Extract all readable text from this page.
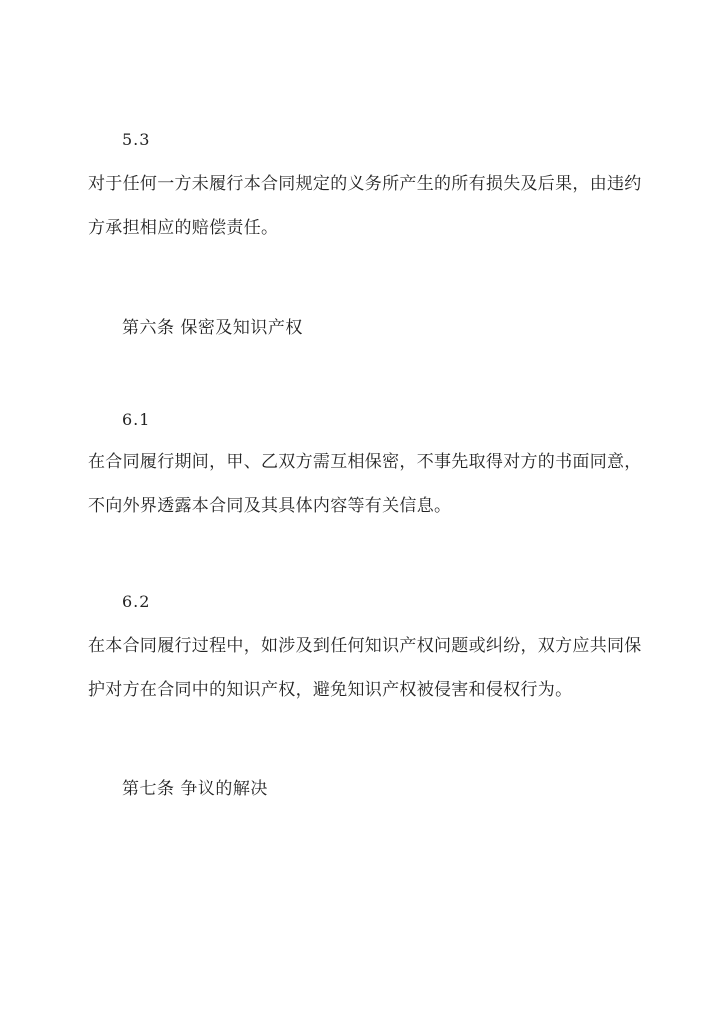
5.3
对于任何一方未履行本合同规定的义务所产生的所有损失及后果，由违约
方承担相应的赔偿责任。
第六条 保密及知识产权
6.1
在合同履行期间，甲、乙双方需互相保密，不事先取得对方的书面同意，
不向外界透露本合同及其具体内容等有关信息。
6.2
在本合同履行过程中，如涉及到任何知识产权问题或纠纷，双方应共同保
护对方在合同中的知识产权，避免知识产权被侵害和侵权行为。
第七条 争议的解决
